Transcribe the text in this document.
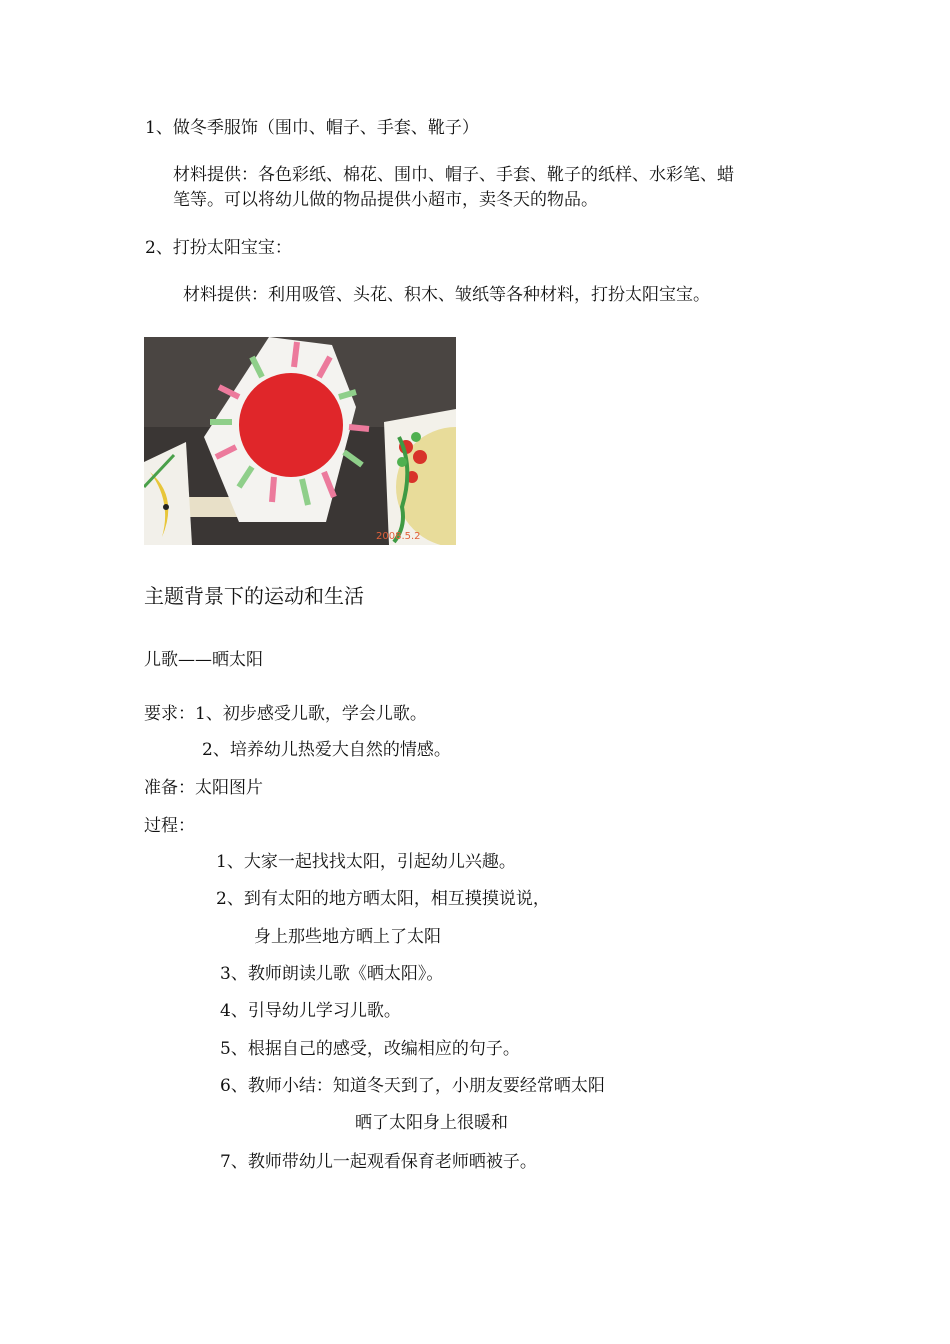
1、做冬季服饰（围巾、帽子、手套、靴子）
材料提供：各色彩纸、棉花、围巾、帽子、手套、靴子的纸样、水彩笔、蜡
笔等。可以将幼儿做的物品提供小超市，卖冬天的物品。
2、打扮太阳宝宝：
材料提供：利用吸管、头花、积木、皱纸等各种材料，打扮太阳宝宝。
2008.5.2
主题背景下的运动和生活
儿歌——晒太阳
要求：1、初步感受儿歌，学会儿歌。
2、培养幼儿热爱大自然的情感。
准备：太阳图片
过程：
1、大家一起找找太阳，引起幼儿兴趣。
2、到有太阳的地方晒太阳，相互摸摸说说，
身上那些地方晒上了太阳
3、教师朗读儿歌《晒太阳》。
4、引导幼儿学习儿歌。
5、根据自己的感受，改编相应的句子。
6、教师小结：知道冬天到了，小朋友要经常晒太阳
晒了太阳身上很暖和
7、教师带幼儿一起观看保育老师晒被子。
